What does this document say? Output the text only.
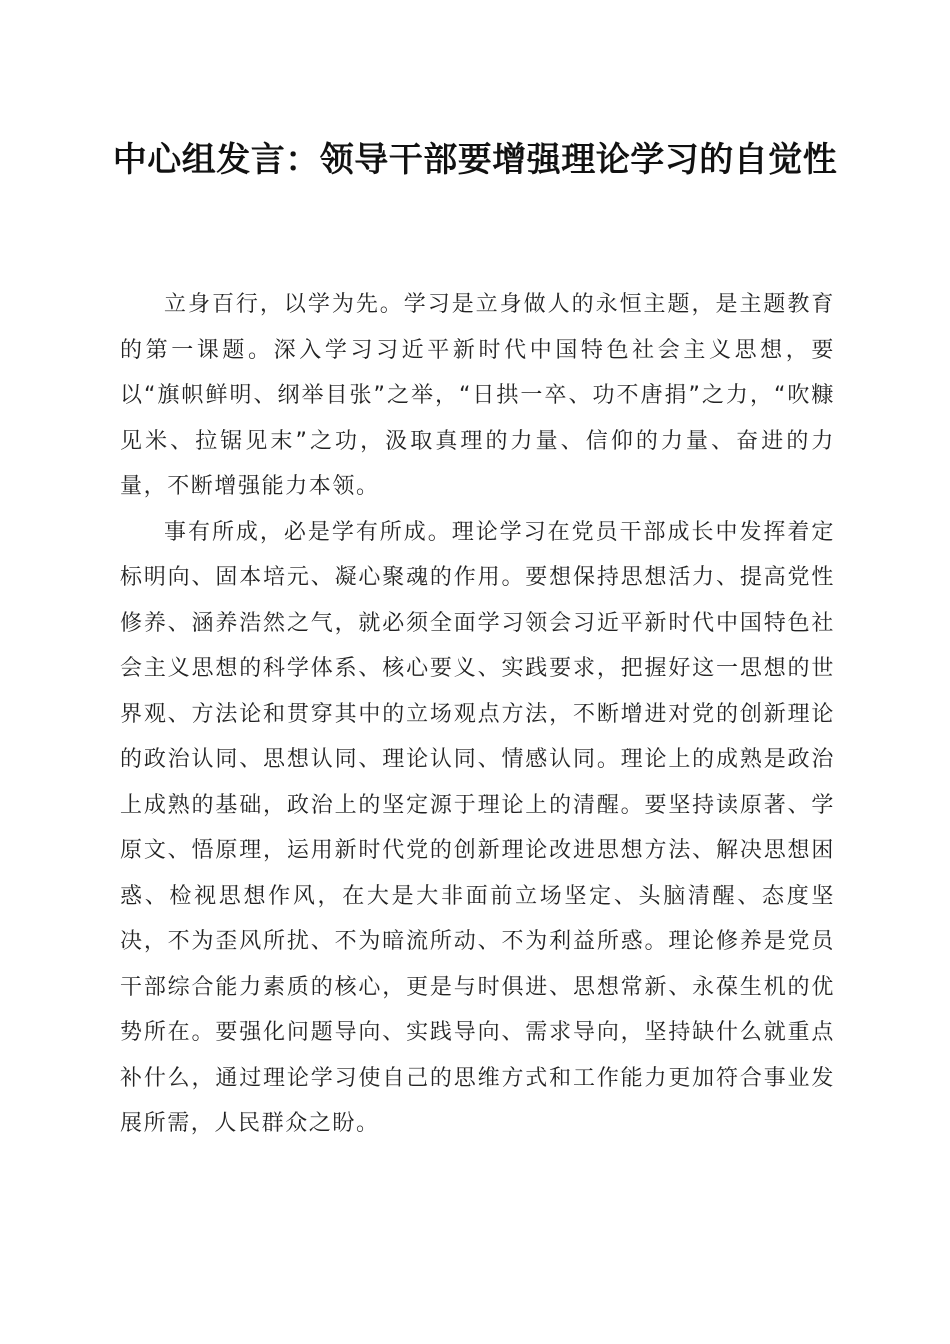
中心组发言：领导干部要增强理论学习的自觉性

立身百行，以学为先。学习是立身做人的永恒主题，是主题教育的第一课题。深入学习习近平新时代中国特色社会主义思想，要以“旗帜鲜明、纲举目张”之举，“日拱一卒、功不唐捐”之力，“吹糠见米、拉锯见末”之功，汲取真理的力量、信仰的力量、奋进的力量，不断增强能力本领。

事有所成，必是学有所成。理论学习在党员干部成长中发挥着定标明向、固本培元、凝心聚魂的作用。要想保持思想活力、提高党性修养、涵养浩然之气，就必须全面学习领会习近平新时代中国特色社会主义思想的科学体系、核心要义、实践要求，把握好这一思想的世界观、方法论和贯穿其中的立场观点方法，不断增进对党的创新理论的政治认同、思想认同、理论认同、情感认同。理论上的成熟是政治上成熟的基础，政治上的坚定源于理论上的清醒。要坚持读原著、学原文、悟原理，运用新时代党的创新理论改进思想方法、解决思想困惑、检视思想作风，在大是大非面前立场坚定、头脑清醒、态度坚决，不为歪风所扰、不为暗流所动、不为利益所惑。理论修养是党员干部综合能力素质的核心，更是与时俱进、思想常新、永葆生机的优势所在。要强化问题导向、实践导向、需求导向，坚持缺什么就重点补什么，通过理论学习使自己的思维方式和工作能力更加符合事业发展所需，人民群众之盼。
